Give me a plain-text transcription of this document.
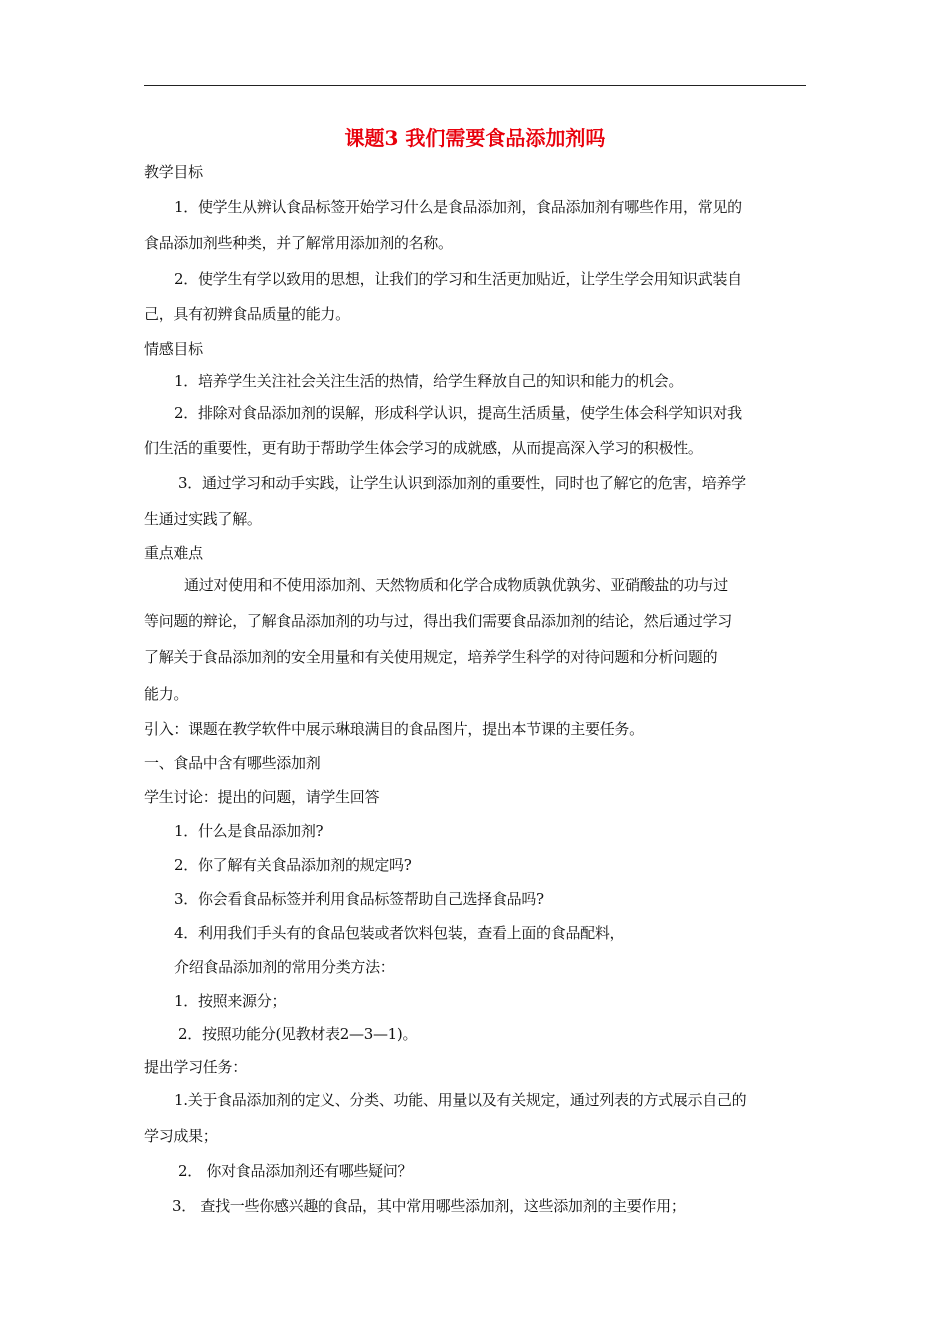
课题3 我们需要食品添加剂吗
教学目标
1．使学生从辨认食品标签开始学习什么是食品添加剂，食品添加剂有哪些作用，常见的
食品添加剂些种类，并了解常用添加剂的名称。
2．使学生有学以致用的思想，让我们的学习和生活更加贴近，让学生学会用知识武装自
己，具有初辨食品质量的能力。
情感目标
1．培养学生关注社会关注生活的热情，给学生释放自己的知识和能力的机会。
2．排除对食品添加剂的误解，形成科学认识，提高生活质量，使学生体会科学知识对我
们生活的重要性，更有助于帮助学生体会学习的成就感，从而提高深入学习的积极性。
3．通过学习和动手实践，让学生认识到添加剂的重要性，同时也了解它的危害，培养学
生通过实践了解。
重点难点
通过对使用和不使用添加剂、天然物质和化学合成物质孰优孰劣、亚硝酸盐的功与过
等问题的辩论，了解食品添加剂的功与过，得出我们需要食品添加剂的结论，然后通过学习
了解关于食品添加剂的安全用量和有关使用规定，培养学生科学的对待问题和分析问题的
能力。
引入：课题在教学软件中展示琳琅满目的食品图片，提出本节课的主要任务。
一、食品中含有哪些添加剂
学生讨论：提出的问题，请学生回答
1．什么是食品添加剂?
2．你了解有关食品添加剂的规定吗?
3．你会看食品标签并利用食品标签帮助自己选择食品吗?
4．利用我们手头有的食品包装或者饮料包装，查看上面的食品配料，
介绍食品添加剂的常用分类方法：
1．按照来源分；
2．按照功能分(见教材表2—3—1)。
提出学习任务：
1.关于食品添加剂的定义、分类、功能、用量以及有关规定，通过列表的方式展示自己的
学习成果；
2． 你对食品添加剂还有哪些疑问？
3． 查找一些你感兴趣的食品，其中常用哪些添加剂，这些添加剂的主要作用；
